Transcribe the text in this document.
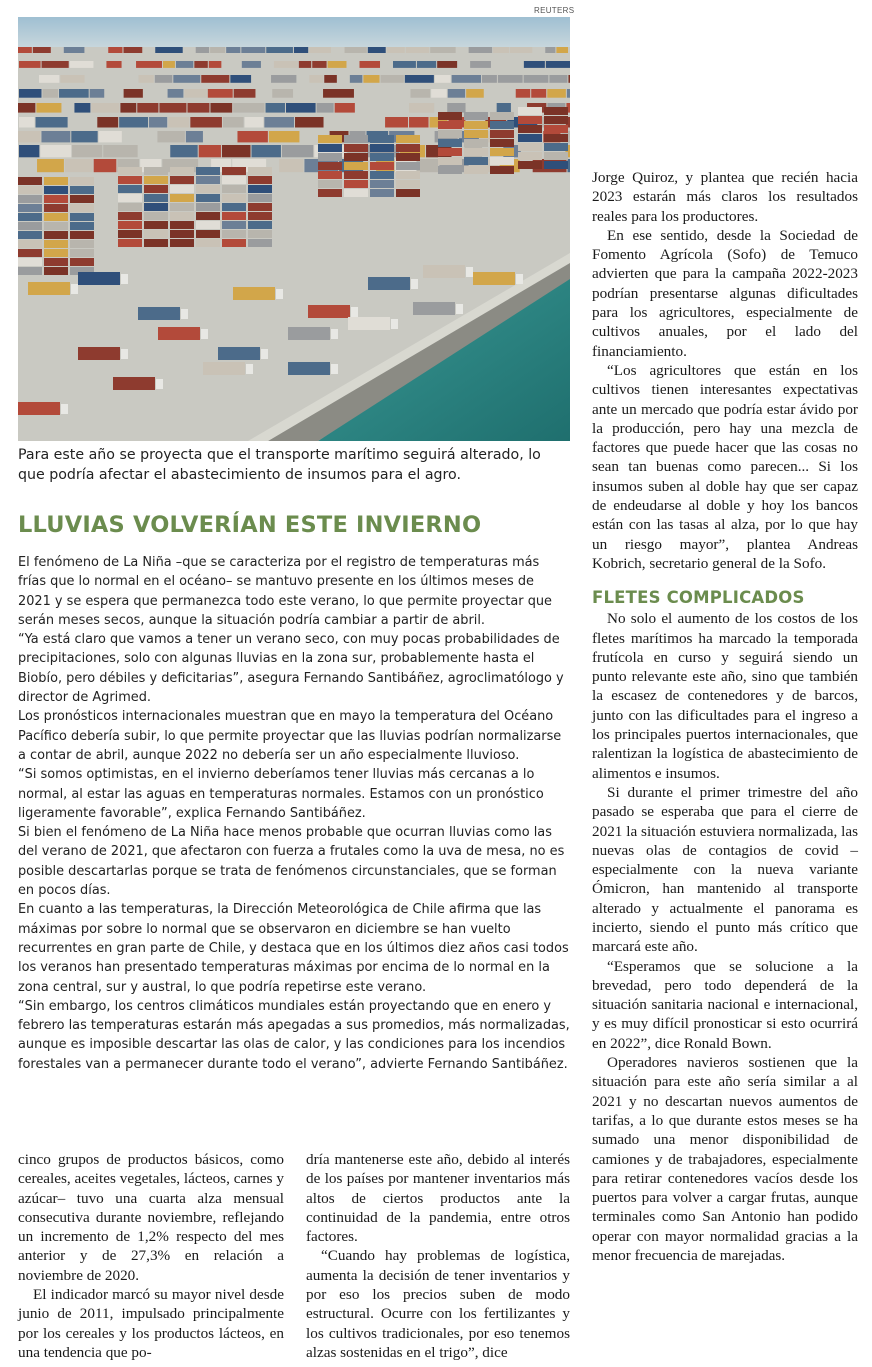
REUTERS
Para este año se proyecta que el transporte marítimo seguirá alterado, lo que podría afectar el abastecimiento de insumos para el agro.
LLUVIAS VOLVERÍAN ESTE INVIERNO

El fenómeno de La Niña –que se caracteriza por el registro de temperaturas más frías que lo normal en el océano– se mantuvo presente en los últimos meses de 2021 y se espera que permanezca todo este verano, lo que permite proyectar que serán meses secos, aunque la situación podría cambiar a partir de abril.

“Ya está claro que vamos a tener un verano seco, con muy pocas probabilidades de precipitaciones, solo con algunas lluvias en la zona sur, probablemente hasta el Biobío, pero débiles y deficitarias”, asegura Fernando Santibáñez, agroclimatólogo y director de Agrimed.

Los pronósticos internacionales muestran que en mayo la temperatura del Océano Pacífico debería subir, lo que permite proyectar que las lluvias podrían normalizarse a contar de abril, aunque 2022 no debería ser un año especialmente lluvioso.

“Si somos optimistas, en el invierno deberíamos tener lluvias más cercanas a lo normal, al estar las aguas en temperaturas normales. Estamos con un pronóstico ligeramente favorable”, explica Fernando Santibáñez.

Si bien el fenómeno de La Niña hace menos probable que ocurran lluvias como las del verano de 2021, que afectaron con fuerza a frutales como la uva de mesa, no es posible descartarlas porque se trata de fenómenos circunstanciales, que se forman en pocos días.

En cuanto a las temperaturas, la Dirección Meteorológica de Chile afirma que las máximas por sobre lo normal que se observaron en diciembre se han vuelto recurrentes en gran parte de Chile, y destaca que en los últimos diez años casi todos los veranos han presentado temperaturas máximas por encima de lo normal en la zona central, sur y austral, lo que podría repetirse este verano.

“Sin embargo, los centros climáticos mundiales están proyectando que en enero y febrero las temperaturas estarán más apegadas a sus promedios, más normalizadas, aunque es imposible descartar las olas de calor, y las condiciones para los incendios forestales van a permanecer durante todo el verano”, advierte Fernando Santibáñez.

cinco grupos de productos básicos, como cereales, aceites vegetales, lácteos, carnes y azúcar– tuvo una cuarta alza mensual consecutiva durante noviembre, reflejando un incremento de 1,2% respecto del mes anterior y de 27,3% en relación a noviembre de 2020.

El indicador marcó su mayor nivel desde junio de 2011, impulsado principalmente por los cereales y los productos lácteos, en una tendencia que po-

dría mantenerse este año, debido al interés de los países por mantener inventarios más altos de ciertos productos ante la continuidad de la pandemia, entre otros factores.

“Cuando hay problemas de logística, aumenta la decisión de tener inventarios y por eso los precios suben de modo estructural. Ocurre con los fertilizantes y los cultivos tradicionales, por eso tenemos alzas sostenidas en el trigo”, dice

Jorge Quiroz, y plantea que recién hacia 2023 estarán más claros los resultados reales para los productores.

En ese sentido, desde la Sociedad de Fomento Agrícola (Sofo) de Temuco advierten que para la campaña 2022-2023 podrían presentarse algunas dificultades para los agricultores, especialmente de cultivos anuales, por el lado del financiamiento.

“Los agricultores que están en los cultivos tienen interesantes expectativas ante un mercado que podría estar ávido por la producción, pero hay una mezcla de factores que puede hacer que las cosas no sean tan buenas como parecen... Si los insumos suben al doble hay que ser capaz de endeudarse al doble y hoy los bancos están con las tasas al alza, por lo que hay un riesgo mayor”, plantea Andreas Kobrich, secretario general de la Sofo.

FLETES COMPLICADOS

No solo el aumento de los costos de los fletes marítimos ha marcado la temporada frutícola en curso y seguirá siendo un punto relevante este año, sino que también la escasez de contenedores y de barcos, junto con las dificultades para el ingreso a los principales puertos internacionales, que ralentizan la logística de abastecimiento de alimentos e insumos.

Si durante el primer trimestre del año pasado se esperaba que para el cierre de 2021 la situación estuviera normalizada, las nuevas olas de contagios de covid –especialmente con la nueva variante Ómicron, han mantenido al transporte alterado y actualmente el panorama es incierto, siendo el punto más crítico que marcará este año.

“Esperamos que se solucione a la brevedad, pero todo dependerá de la situación sanitaria nacional e internacional, y es muy difícil pronosticar si esto ocurrirá en 2022”, dice Ronald Bown.

Operadores navieros sostienen que la situación para este año sería similar a al 2021 y no descartan nuevos aumentos de tarifas, a lo que durante estos meses se ha sumado una menor disponibilidad de camiones y de trabajadores, especialmente para retirar contenedores vacíos desde los puertos para volver a cargar frutas, aunque terminales como San Antonio han podido operar con mayor normalidad gracias a la menor frecuencia de marejadas.
